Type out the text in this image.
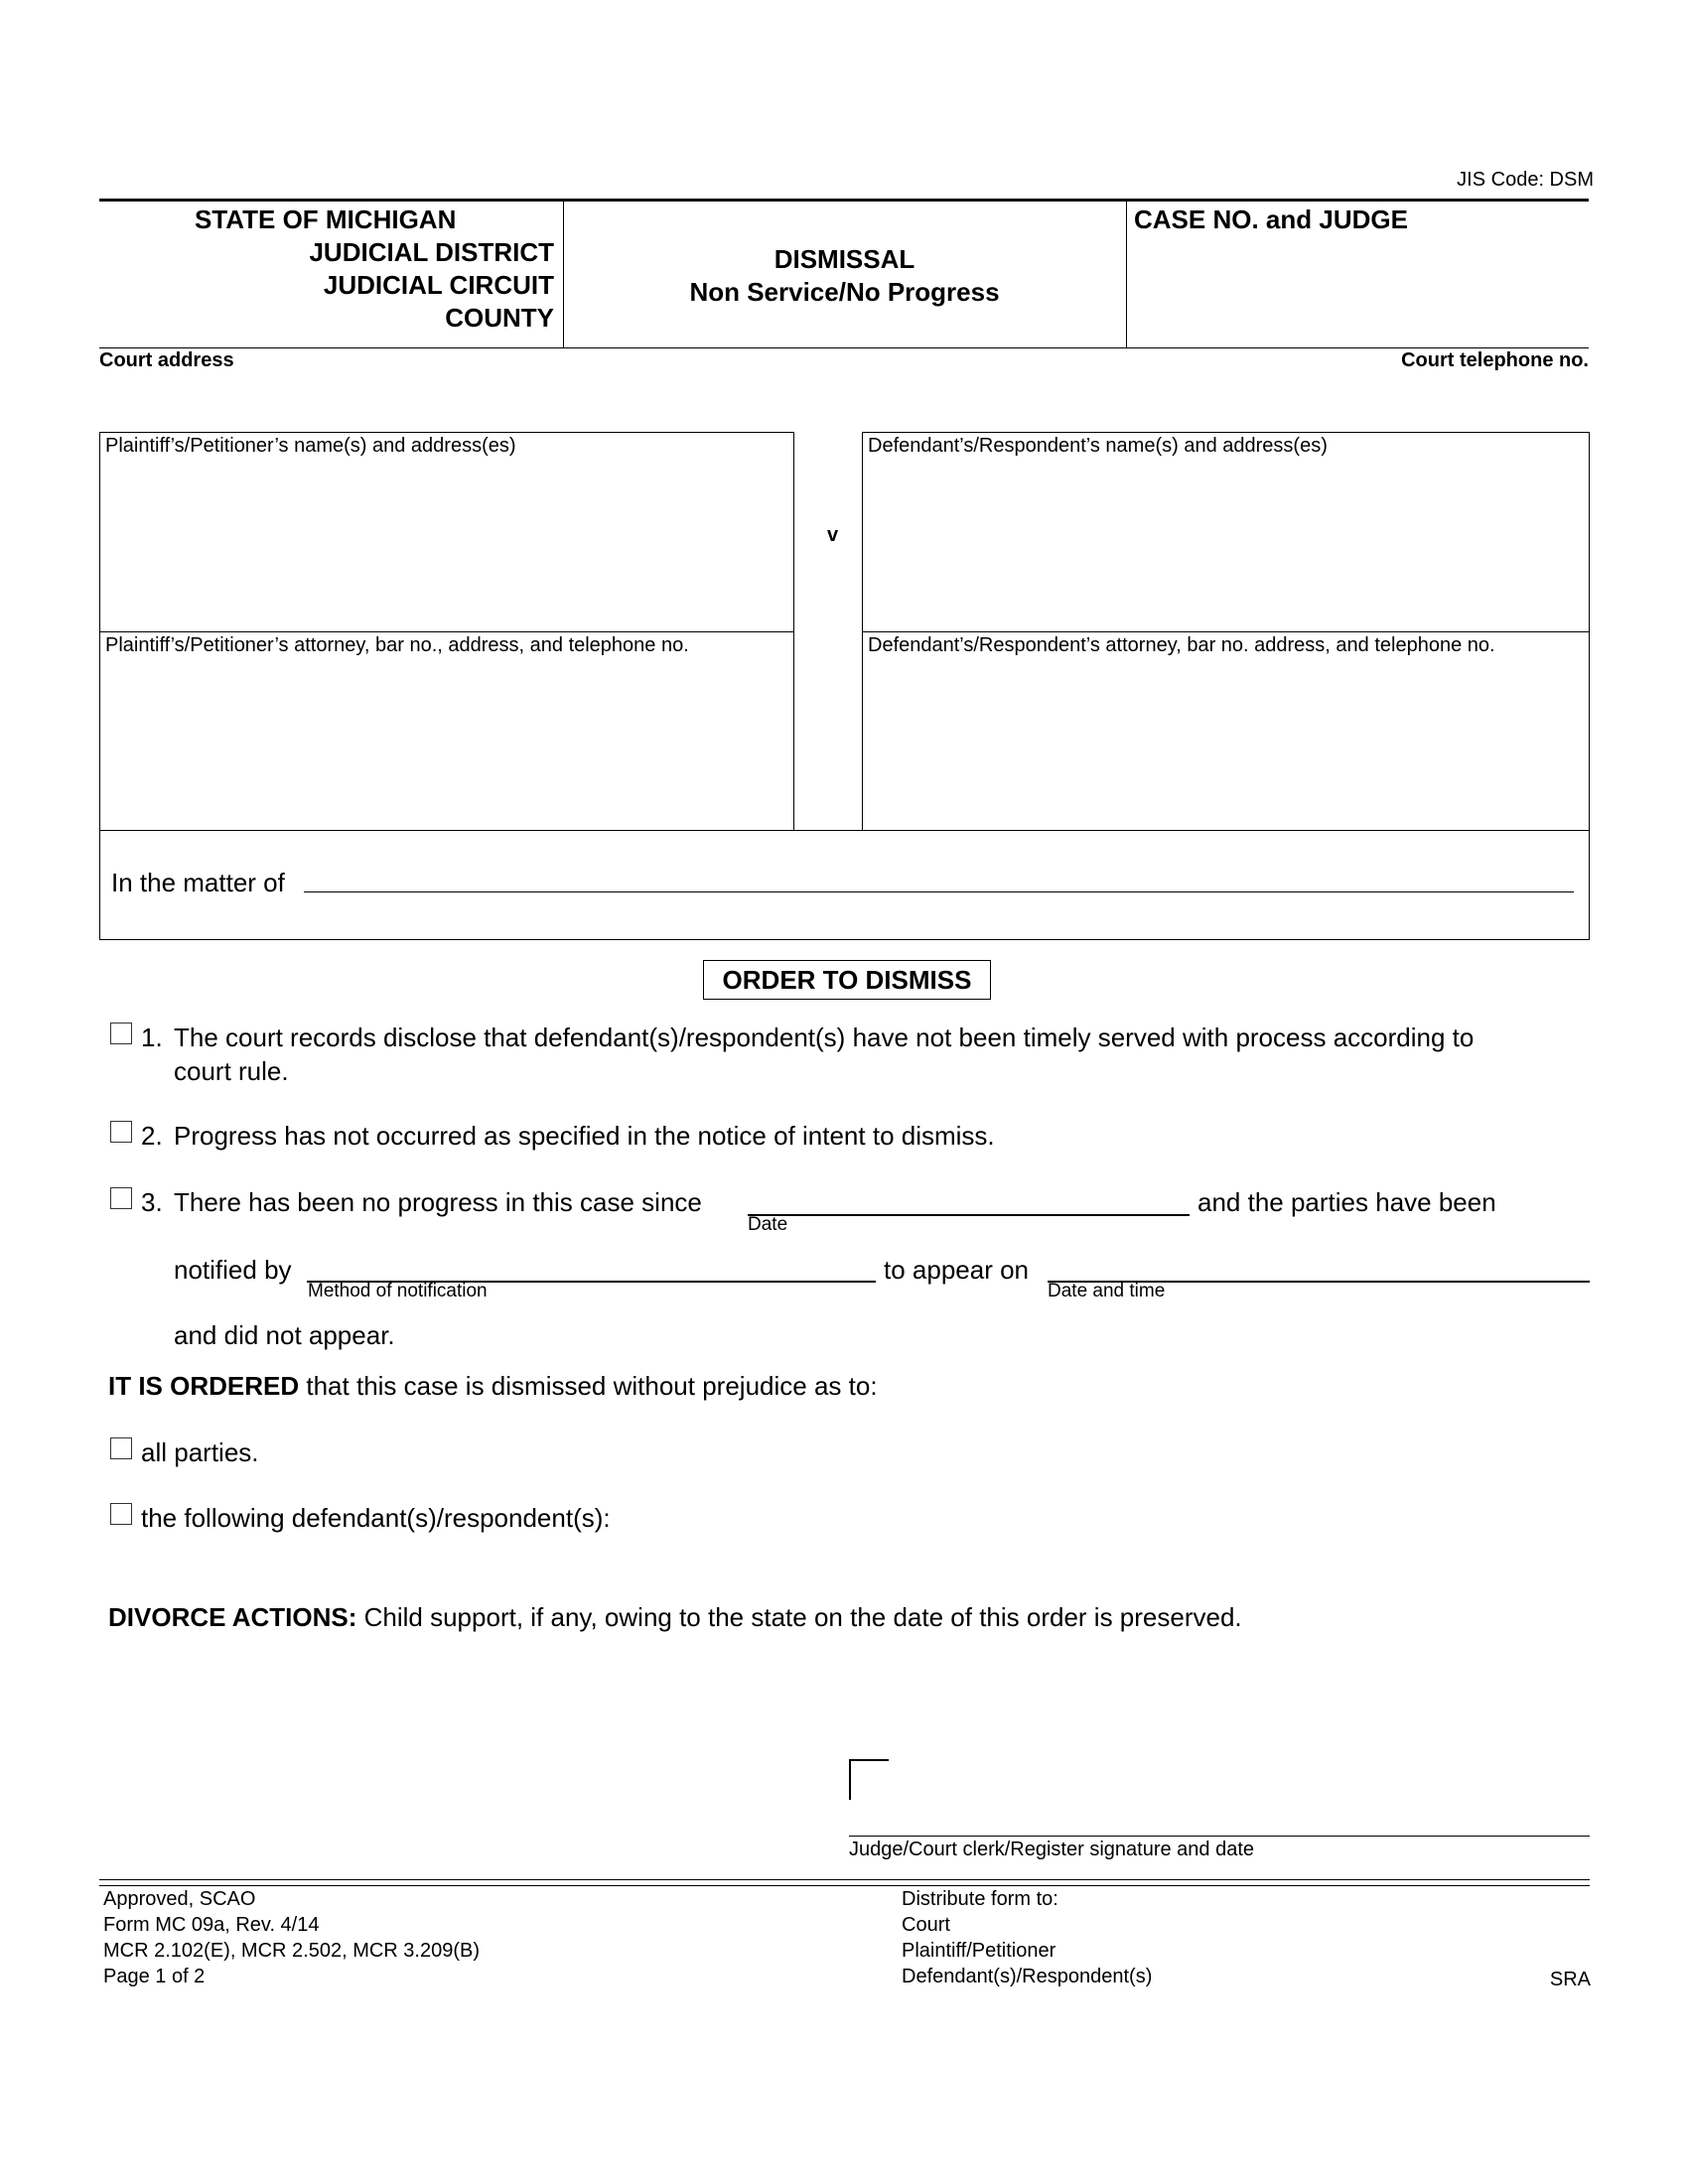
JIS Code: DSM
STATE OF MICHIGAN
JUDICIAL DISTRICT
JUDICIAL CIRCUIT
COUNTY
DISMISSAL
Non Service/No Progress
CASE NO. and JUDGE
Court address	Court telephone no.
Plaintiff’s/Petitioner’s name(s) and address(es)	Defendant’s/Respondent’s name(s) and address(es)
v
Plaintiff’s/Petitioner’s attorney, bar no., address, and telephone no.	Defendant’s/Respondent’s attorney, bar no. address, and telephone no.
In the matter of
ORDER TO DISMISS
1. The court records disclose that defendant(s)/respondent(s) have not been timely served with process according to
court rule.
2. Progress has not occurred as specified in the notice of intent to dismiss.
3. There has been no progress in this case since
Date
and the parties have been
notified by
Method of notification
to appear on
Date and time
and did not appear.
IT IS ORDERED that this case is dismissed without prejudice as to:
all parties.
the following defendant(s)/respondent(s):
DIVORCE ACTIONS: Child support, if any, owing to the state on the date of this order is preserved.
Judge/Court clerk/Register signature and date
Approved, SCAO
Form MC 09a, Rev. 4/14
MCR 2.102(E), MCR 2.502, MCR 3.209(B)
Page 1 of 2
Distribute form to:
Court
Plaintiff/Petitioner
Defendant(s)/Respondent(s)	SRA
